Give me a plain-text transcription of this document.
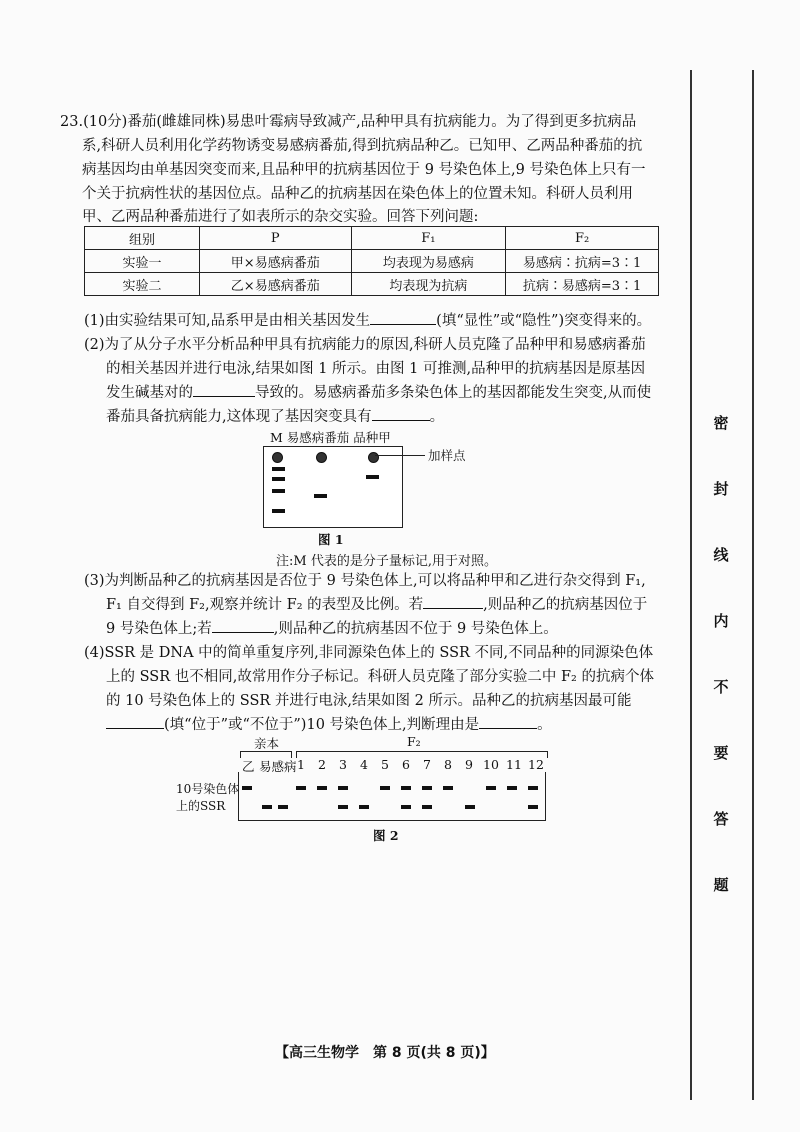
密
封
线
内
不
要
答
题
23.(10分)番茄(雌雄同株)易患叶霉病导致减产,品种甲具有抗病能力。为了得到更多抗病品
系,科研人员利用化学药物诱变易感病番茄,得到抗病品种乙。已知甲、乙两品种番茄的抗
病基因均由单基因突变而来,且品种甲的抗病基因位于 9 号染色体上,9 号染色体上只有一
个关于抗病性状的基因位点。品种乙的抗病基因在染色体上的位置未知。科研人员利用
甲、乙两品种番茄进行了如表所示的杂交实验。回答下列问题:
组别	P	F₁	F₂
实验一	甲×易感病番茄	均表现为易感病	易感病∶抗病=3∶1
实验二	乙×易感病番茄	均表现为抗病	抗病∶易感病=3∶1
(1)由实验结果可知,品系甲是由相关基因发生	(填“显性”或“隐性”)突变得来的。
(2)为了从分子水平分析品种甲具有抗病能力的原因,科研人员克隆了品种甲和易感病番茄
的相关基因并进行电泳,结果如图 1 所示。由图 1 可推测,品种甲的抗病基因是原基因
发生碱基对的	导致的。易感病番茄多条染色体上的基因都能发生突变,从而使
番茄具备抗病能力,这体现了基因突变具有	。
M 易感病番茄 品种甲
加样点
图 1
注:M 代表的是分子量标记,用于对照。
(3)为判断品种乙的抗病基因是否位于 9 号染色体上,可以将品种甲和乙进行杂交得到 F₁,
F₁ 自交得到 F₂,观察并统计 F₂ 的表型及比例。若	,则品种乙的抗病基因位于
9 号染色体上;若	,则品种乙的抗病基因不位于 9 号染色体上。
(4)SSR 是 DNA 中的简单重复序列,非同源染色体上的 SSR 不同,不同品种的同源染色体
上的 SSR 也不相同,故常用作分子标记。科研人员克隆了部分实验二中 F₂ 的抗病个体
的 10 号染色体上的 SSR 并进行电泳,结果如图 2 所示。品种乙的抗病基因最可能
(填“位于”或“不位于”)10 号染色体上,判断理由是	。
亲本	F₂
乙 易感病 1 2 3 4 5 6 7 8 9 10 11 12
10号染色体
上的SSR
图 2
【高三生物学　第 8 页(共 8 页)】
